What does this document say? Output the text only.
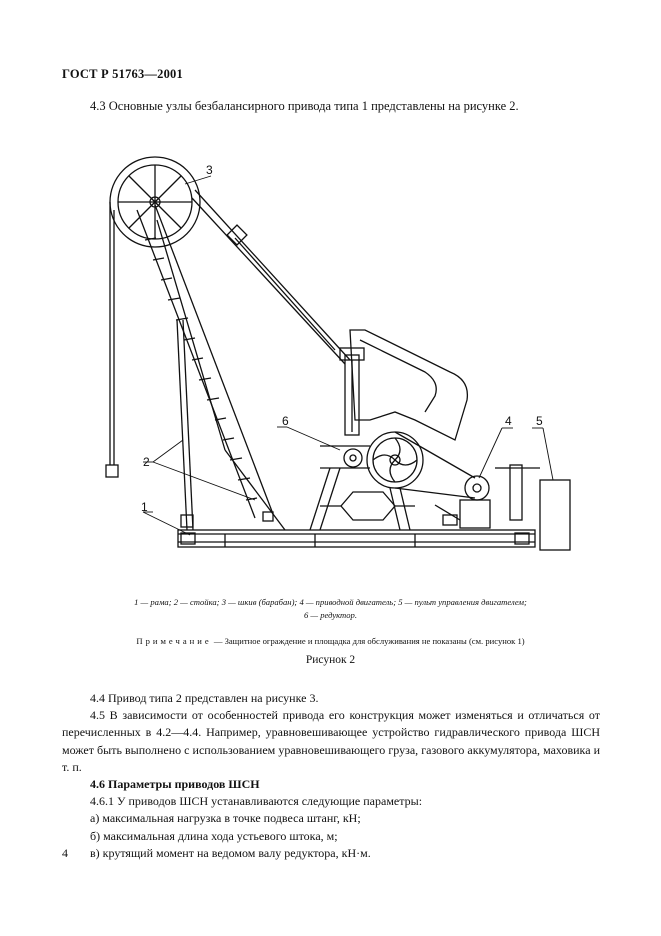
ГОСТ Р 51763—2001
4.3 Основные узлы безбалансирного привода типа 1 представлены на рисунке 2.
1
2
3
4 5
6
1 — рама; 2 — стойка; 3 — шкив (барабан); 4 — приводной двигатель; 5 — пульт управления двигателем;
6 — редуктор.
Примечание — Защитное ограждение и площадка для обслуживания не показаны (см. рисунок 1)
Рисунок 2

4.4 Привод типа 2 представлен на рисунке 3.

4.5 В зависимости от особенностей привода его конструкция может изменяться и отличаться от перечисленных в 4.2—4.4. Например, уравновешивающее устройство гидравлического привода ШСН может быть выполнено с использованием уравновешивающего груза, газового аккумулятора, маховика и т. п.

4.6 Параметры приводов ШСН

4.6.1 У приводов ШСН устанавливаются следующие параметры:

а) максимальная нагрузка в точке подвеса штанг, кН;

б) максимальная длина хода устьевого штока, м;

в) крутящий момент на ведомом валу редуктора, кН·м.

4
